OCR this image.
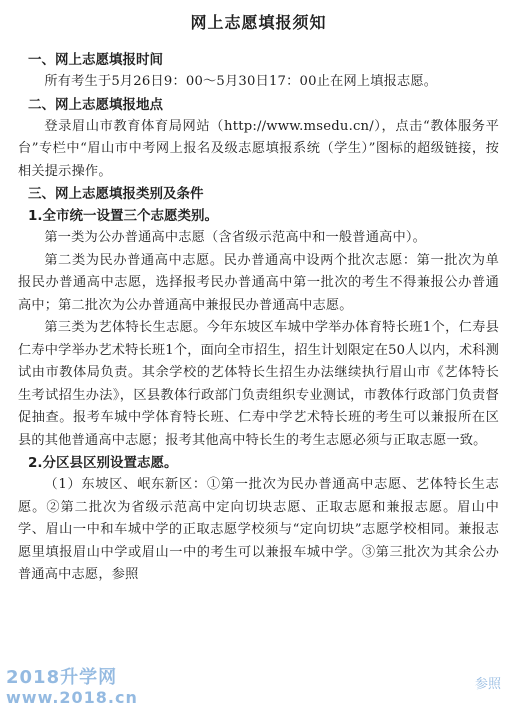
网上志愿填报须知

一、网上志愿填报时间

所有考生于5月26日9：00～5月30日17：00止在网上填报志愿。

二、网上志愿填报地点

登录眉山市教育体育局网站（http://www.msedu.cn/），点击“教体服务平台”专栏中“眉山市中考网上报名及级志愿填报系统（学生）”图标的超级链接，按相关提示操作。

三、网上志愿填报类别及条件

1.全市统一设置三个志愿类别。

第一类为公办普通高中志愿（含省级示范高中和一般普通高中）。

第二类为民办普通高中志愿。民办普通高中设两个批次志愿：第一批次为单报民办普通高中志愿，选择报考民办普通高中第一批次的考生不得兼报公办普通高中；第二批次为公办普通高中兼报民办普通高中志愿。

第三类为艺体特长生志愿。今年东坡区车城中学举办体育特长班1个，仁寿县仁寿中学举办艺术特长班1个，面向全市招生，招生计划限定在50人以内，术科测试由市教体局负责。其余学校的艺体特长生招生办法继续执行眉山市《艺体特长生考试招生办法》，区县教体行政部门负责组织专业测试，市教体行政部门负责督促抽查。报考车城中学体育特长班、仁寿中学艺术特长班的考生可以兼报所在区县的其他普通高中志愿；报考其他高中特长生的考生志愿必须与正取志愿一致。

2.分区县区别设置志愿。

（1）东坡区、岷东新区：①第一批次为民办普通高中志愿、艺体特长生志愿。②第二批次为省级示范高中定向切块志愿、正取志愿和兼报志愿。眉山中学、眉山一中和车城中学的正取志愿学校须与“定向切块”志愿学校相同。兼报志愿里填报眉山中学或眉山一中的考生可以兼报车城中学。③第三批次为其余公办普通高中志愿，参照

2018升学网
www.2018.cn
参照
